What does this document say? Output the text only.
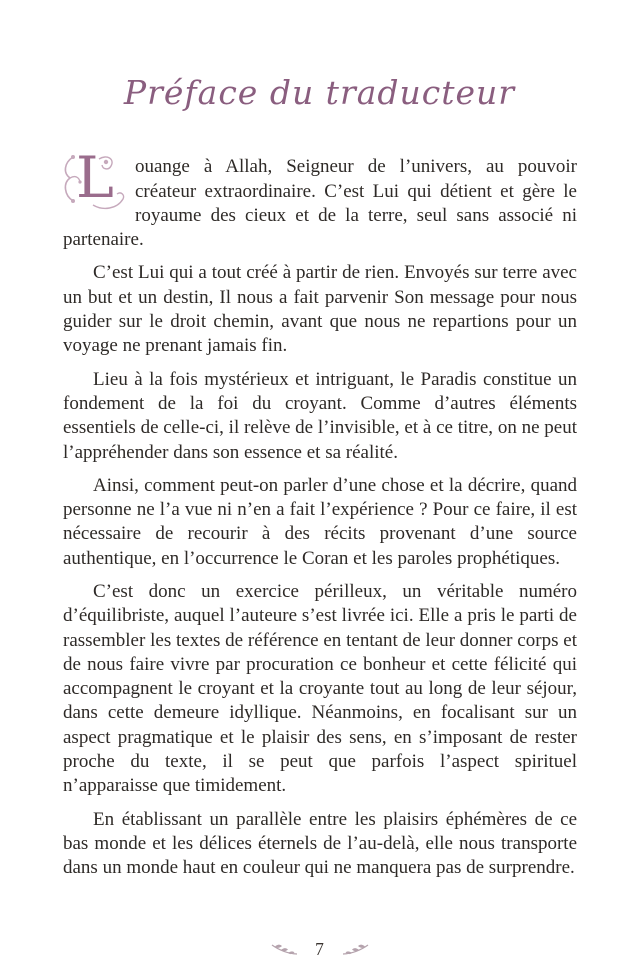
Préface du traducteur

L ouange à Allah, Seigneur de l’univers, au pouvoir créateur extraordinaire. C’est Lui qui détient et gère le royaume des cieux et de la terre, seul sans associé ni partenaire.

C’est Lui qui a tout créé à partir de rien. Envoyés sur terre avec un but et un destin, Il nous a fait parvenir Son message pour nous guider sur le droit chemin, avant que nous ne repartions pour un voyage ne prenant jamais fin.

Lieu à la fois mystérieux et intriguant, le Paradis constitue un fondement de la foi du croyant. Comme d’autres éléments essentiels de celle-ci, il relève de l’invisible, et à ce titre, on ne peut l’appréhender dans son essence et sa réalité.

Ainsi, comment peut-on parler d’une chose et la décrire, quand personne ne l’a vue ni n’en a fait l’expérience ? Pour ce faire, il est nécessaire de recourir à des récits provenant d’une source authentique, en l’occurrence le Coran et les paroles prophétiques.

C’est donc un exercice périlleux, un véritable numéro d’équilibriste, auquel l’auteure s’est livrée ici. Elle a pris le parti de rassembler les textes de référence en tentant de leur donner corps et de nous faire vivre par procuration ce bonheur et cette félicité qui accompagnent le croyant et la croyante tout au long de leur séjour, dans cette demeure idyllique. Néanmoins, en focalisant sur un aspect pragmatique et le plaisir des sens, en s’imposant de rester proche du texte, il se peut que parfois l’aspect spirituel n’apparaisse que timidement.

En établissant un parallèle entre les plaisirs éphémères de ce bas monde et les délices éternels de l’au-delà, elle nous transporte dans un monde haut en couleur qui ne manquera pas de surprendre.

7
